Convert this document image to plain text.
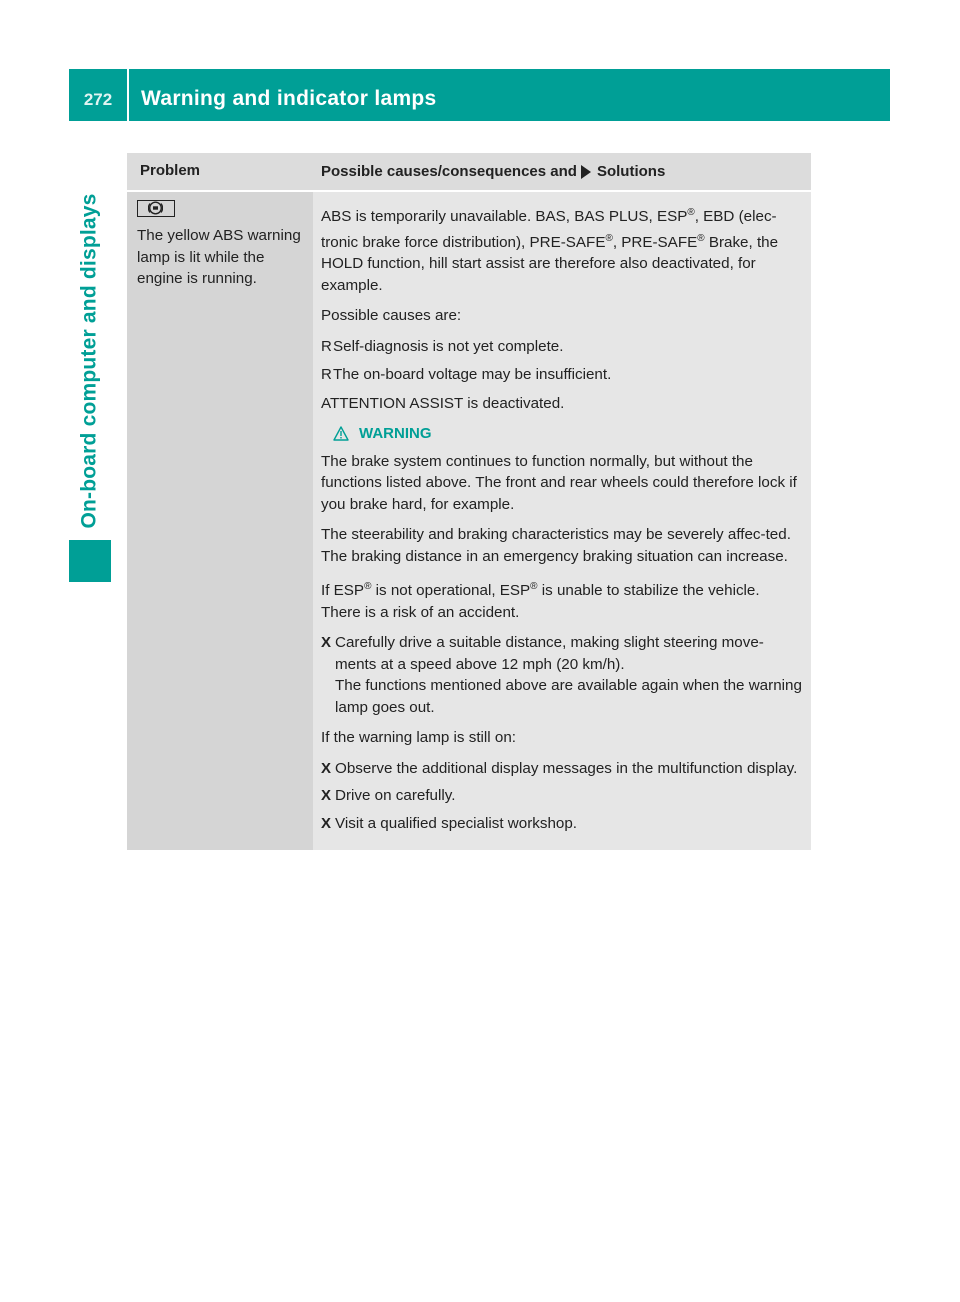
272	Warning and indicator lamps
On-board computer and displays
Problem	Possible causes/consequences and Solutions
The yellow ABS warning lamp is lit while the engine is running.

ABS is temporarily unavailable. BAS, BAS PLUS, ESP®, EBD (elec-tronic brake force distribution), PRE-SAFE®, PRE-SAFE® Brake, the HOLD function, hill start assist are therefore also deactivated, for example.

Possible causes are:

R Self-diagnosis is not yet complete.
R The on-board voltage may be insufficient.

ATTENTION ASSIST is deactivated.

WARNING

The brake system continues to function normally, but without the functions listed above. The front and rear wheels could therefore lock if you brake hard, for example.

The steerability and braking characteristics may be severely affec-ted. The braking distance in an emergency braking situation can increase.

If ESP® is not operational, ESP® is unable to stabilize the vehicle. There is a risk of an accident.

X Carefully drive a suitable distance, making slight steering move-ments at a speed above 12 mph (20 km/h).
The functions mentioned above are available again when the warning lamp goes out.

If the warning lamp is still on:

X Observe the additional display messages in the multifunction display.
X Drive on carefully.
X Visit a qualified specialist workshop.
